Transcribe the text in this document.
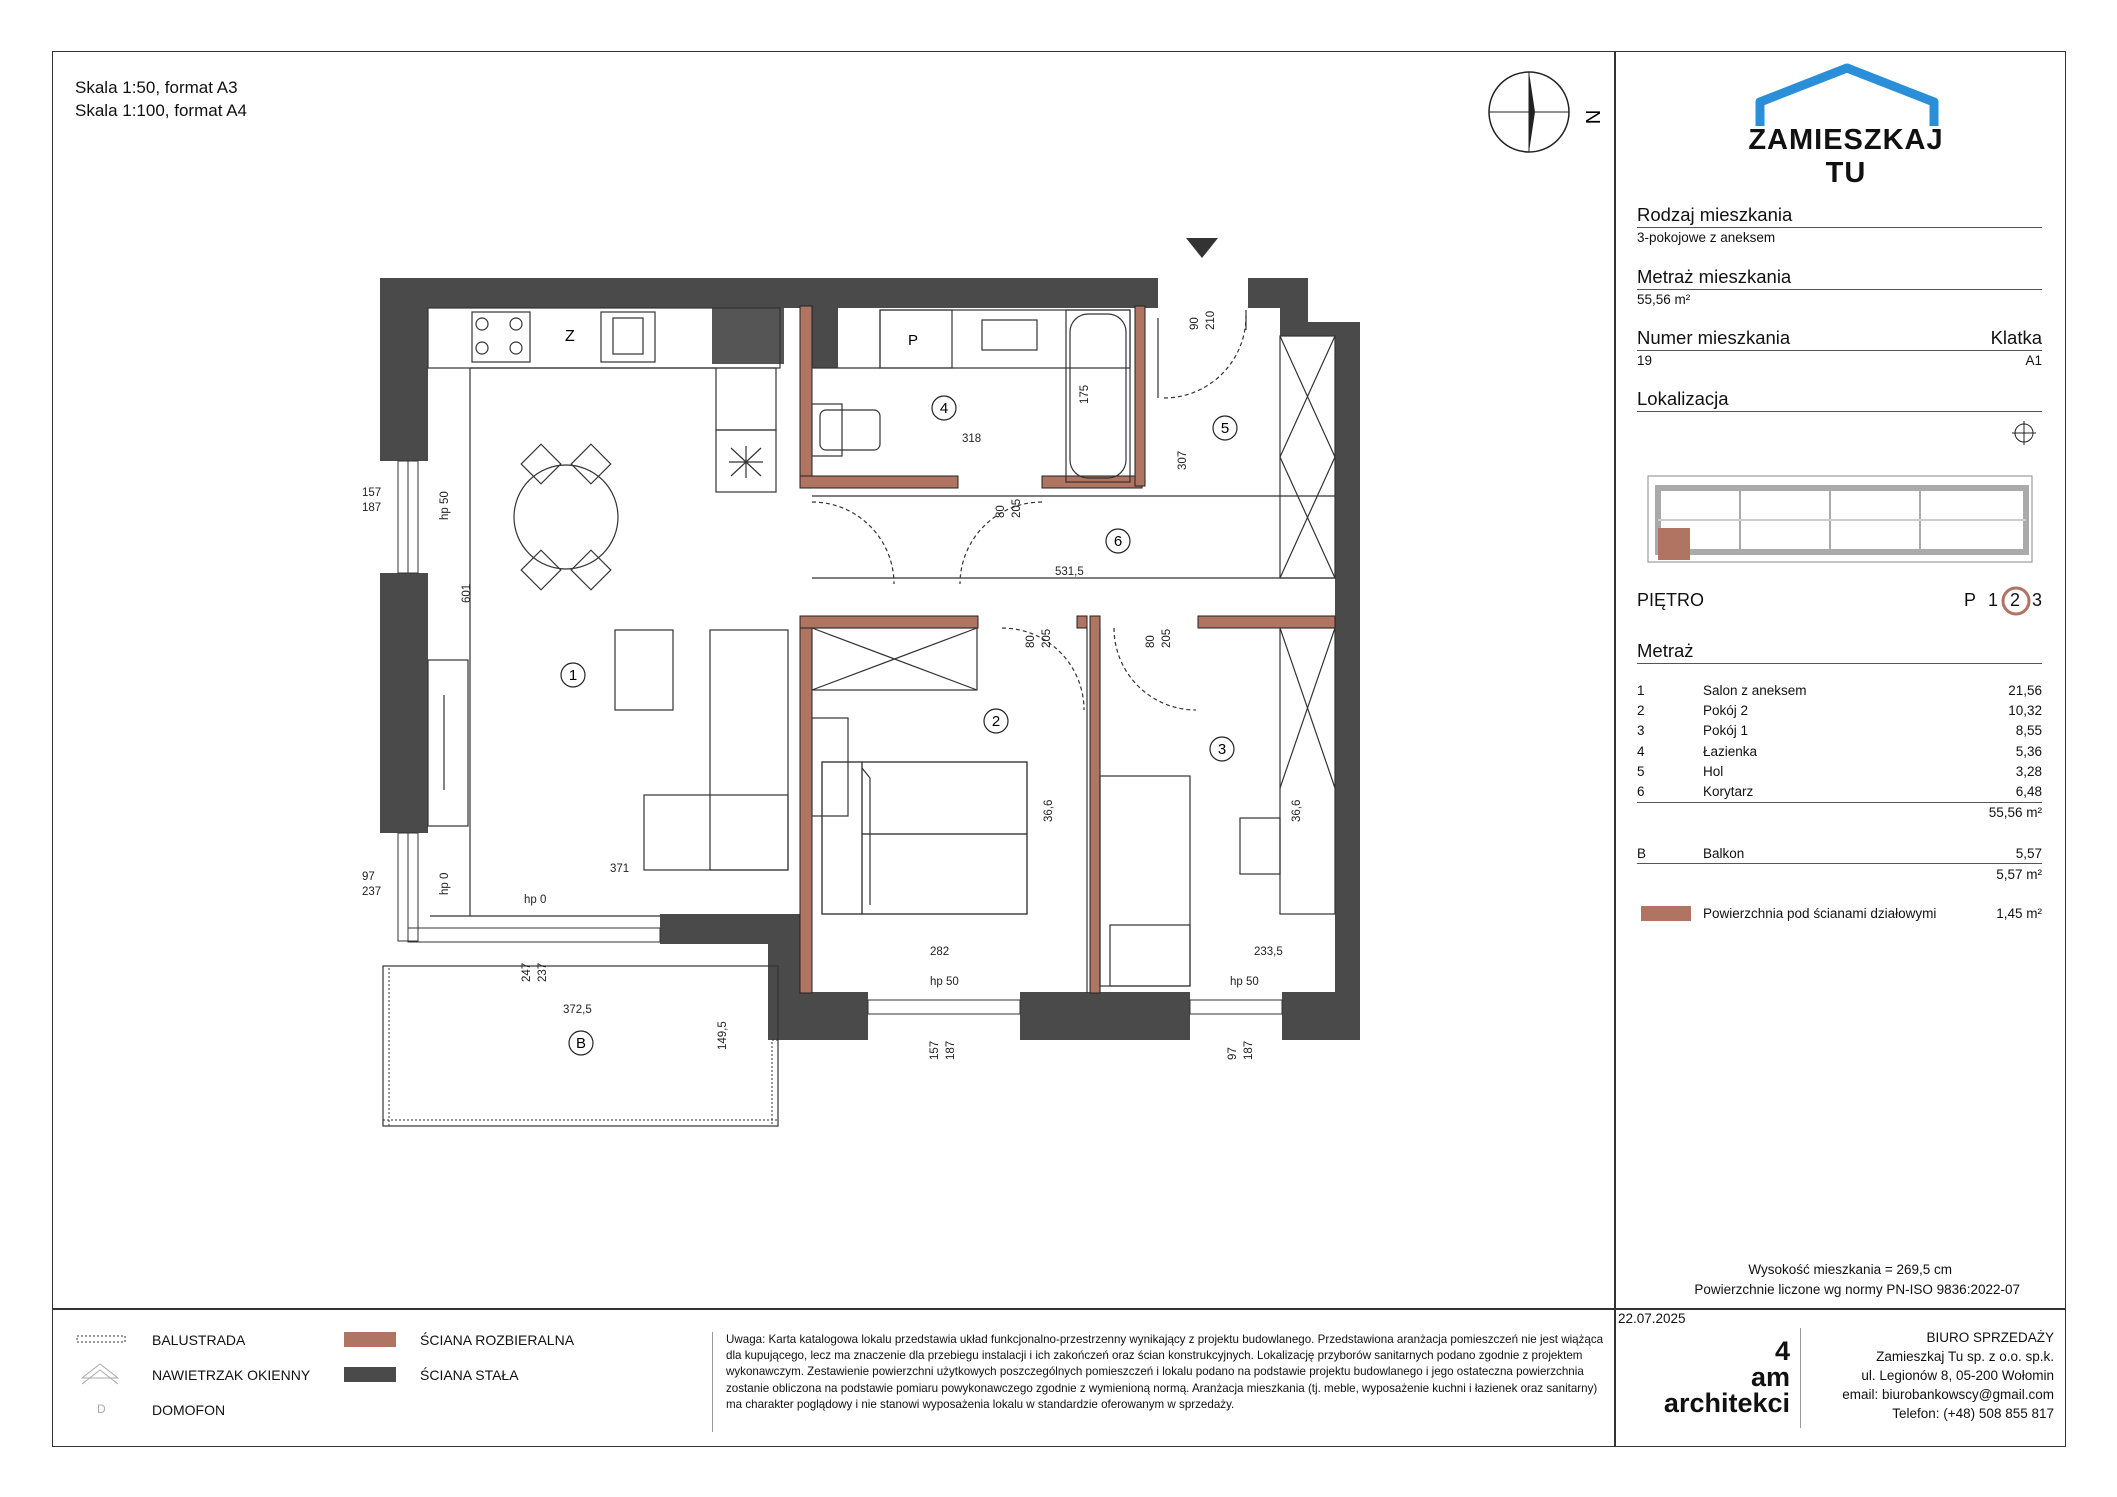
Skala 1:50, format A3
Skala 1:100, format A4	N
1
2
3
4
5
6
B
Z	P
601
371
318
175
307
531,5
282
36,6	36,6
233,5
372,5
149,5
157
187
97
237
247 237
157 187	97 187
90 210
80 205
80 205	80 205
hp 50
hp 0
hp 0
hp 50	hp 50
ZAMIESZKAJ TU
Rodzaj mieszkania
3-pokojowe z aneksem
Metraż mieszkania
55,56 m²
Numer mieszkania	Klatka
19	A1
Lokalizacja
PIĘTRO	P 1 2 3
Metraż
1	Salon z aneksem	21,56
2	Pokój 2	10,32
3	Pokój 1	8,55
4	Łazienka	5,36
5	Hol	3,28
6	Korytarz	6,48
55,56 m²
B	Balkon	5,57
5,57 m²
Powierzchnia pod ścianami działowymi	1,45 m²
Wysokość mieszkania = 269,5 cm
Powierzchnie liczone wg normy PN-ISO 9836:2022-07
22.07.2025
BALUSTRADA
NAWIETRZAK OKIENNY
D	DOMOFON
ŚCIANA ROZBIERALNA
ŚCIANA STAŁA
Uwaga: Karta katalogowa lokalu przedstawia układ funkcjonalno-przestrzenny wynikający z projektu budowlanego. Przedstawiona aranżacja pomieszczeń nie jest wiążąca dla kupującego, lecz ma znaczenie dla przebiegu instalacji i ich zakończeń oraz ścian konstrukcyjnych. Lokalizację przyborów sanitarnych podano zgodnie z projektem wykonawczym. Zestawienie powierzchni użytkowych poszczególnych pomieszczeń i lokalu podano na podstawie projektu budowlanego i jego ostateczna powierzchnia zostanie obliczona na podstawie pomiaru powykonawczego zgodnie z wymienioną normą. Aranżacja mieszkania (tj. meble, wyposażenie kuchni i łazienek oraz sanitarny) ma charakter poglądowy i nie stanowi wyposażenia lokalu w standardzie oferowanym w sprzedaży.
4
am
architekci
BIURO SPRZEDAŻY
Zamieszkaj Tu sp. z o.o. sp.k.
ul. Legionów 8, 05-200 Wołomin
email: biurobankowscy@gmail.com
Telefon: (+48) 508 855 817
